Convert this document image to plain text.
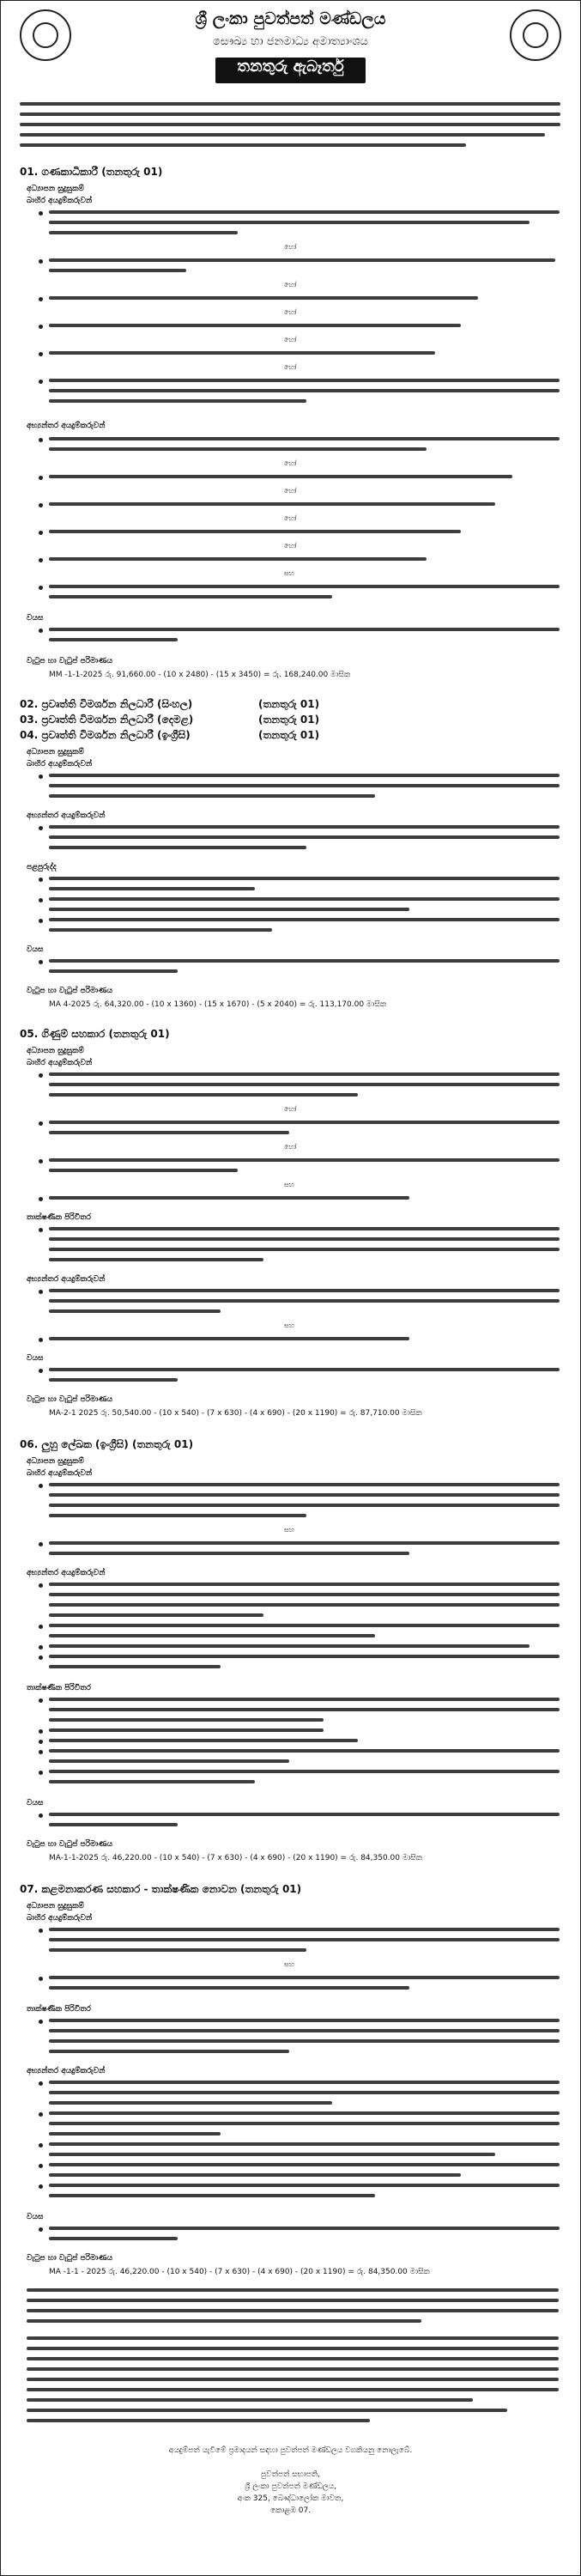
ශ්‍රී ලංකා පුවත්පත් මණ්ඩලය
සෞඛ්‍ය හා ජනමාධ්‍ය අමාත්‍යාංශය
තනතුරු ඇබෑර්තු
01. ගණකාධිකාරී (තනතුරු 01)
අධ්‍යාපන සුදුසුකම්
බාහිර අයදුම්කරුවන්
හෝ
හෝ
හෝ
හෝ
හෝ
අභ්‍යන්තර අයදුම්කරුවන්
හෝ
හෝ
හෝ
හෝ
සහ
වයස
වැටුප හා වැටුප් පරිමාණය
MM -1-1-2025 රු. 91,660.00 - (10 x 2480) - (15 x 3450) = රු. 168,240.00 මාසික
02. ප්‍රවෘත්ති විමර්ශන නිලධාරී (සිංහල)	(තනතුරු 01)
03. ප්‍රවෘත්ති විමර්ශන නිලධාරී (දෙමළ)	(තනතුරු 01)
04. ප්‍රවෘත්ති විමර්ශන නිලධාරී (ඉංග්‍රීසි)	(තනතුරු 01)
අධ්‍යාපන සුදුසුකම්
බාහිර අයදුම්කරුවන්
අභ්‍යන්තර අයදුම්කරුවන්
පළපුරුද්ද
වයස
වැටුප හා වැටුප් පරිමාණය
MA 4-2025 රු. 64,320.00 - (10 x 1360) - (15 x 1670) - (5 x 2040) = රු. 113,170.00 මාසික
05. ගිණුම් සහකාර (තනතුරු 01)
අධ්‍යාපන සුදුසුකම්
බාහිර අයදුම්කරුවන්
හෝ
හෝ
සහ
තාක්ෂණික පිරිවිතර
අභ්‍යන්තර අයදුම්කරුවන්
සහ
වයස
වැටුප හා වැටුප් පරිමාණය
MA-2-1 2025 රු. 50,540.00 - (10 x 540) - (7 x 630) - (4 x 690) - (20 x 1190) = රු. 87,710.00 මාසික
06. ලුහු ලේඛක (ඉංග්‍රීසි) (තනතුරු 01)
අධ්‍යාපන සුදුසුකම්
බාහිර අයදුම්කරුවන්
සහ
අභ්‍යන්තර අයදුම්කරුවන්
තාක්ෂණික පිරිවිතර
වයස
වැටුප හා වැටුප් පරිමාණය
MA-1-1-2025 රු. 46,220.00 - (10 x 540) - (7 x 630) - (4 x 690) - (20 x 1190) = රු. 84,350.00 මාසික
07. කළමනාකරණ සහකාර - තාක්ෂණික නොවන (තනතුරු 01)
අධ්‍යාපන සුදුසුකම්
බාහිර අයදුම්කරුවන්
සහ
තාක්ෂණික පිරිවිතර
අභ්‍යන්තර අයදුම්කරුවන්
වයස
වැටුප හා වැටුප් පරිමාණය
MA -1-1 - 2025 රු. 46,220.00 - (10 x 540) - (7 x 630) - (4 x 690) - (20 x 1190) = රු. 84,350.00 මාසික
අයදුම්පත් යැවීමේ ප්‍රමාදයන් සඳහා පුවත්පත් මණ්ඩලය වගකියනු නොලැබේ.
පුවත්පත් සභාපති,
ශ්‍රී ලංකා පුවත්පත් මණ්ඩලය,
අංක 325, බෞද්ධාලෝක මාවත,
කොළඹ 07.
